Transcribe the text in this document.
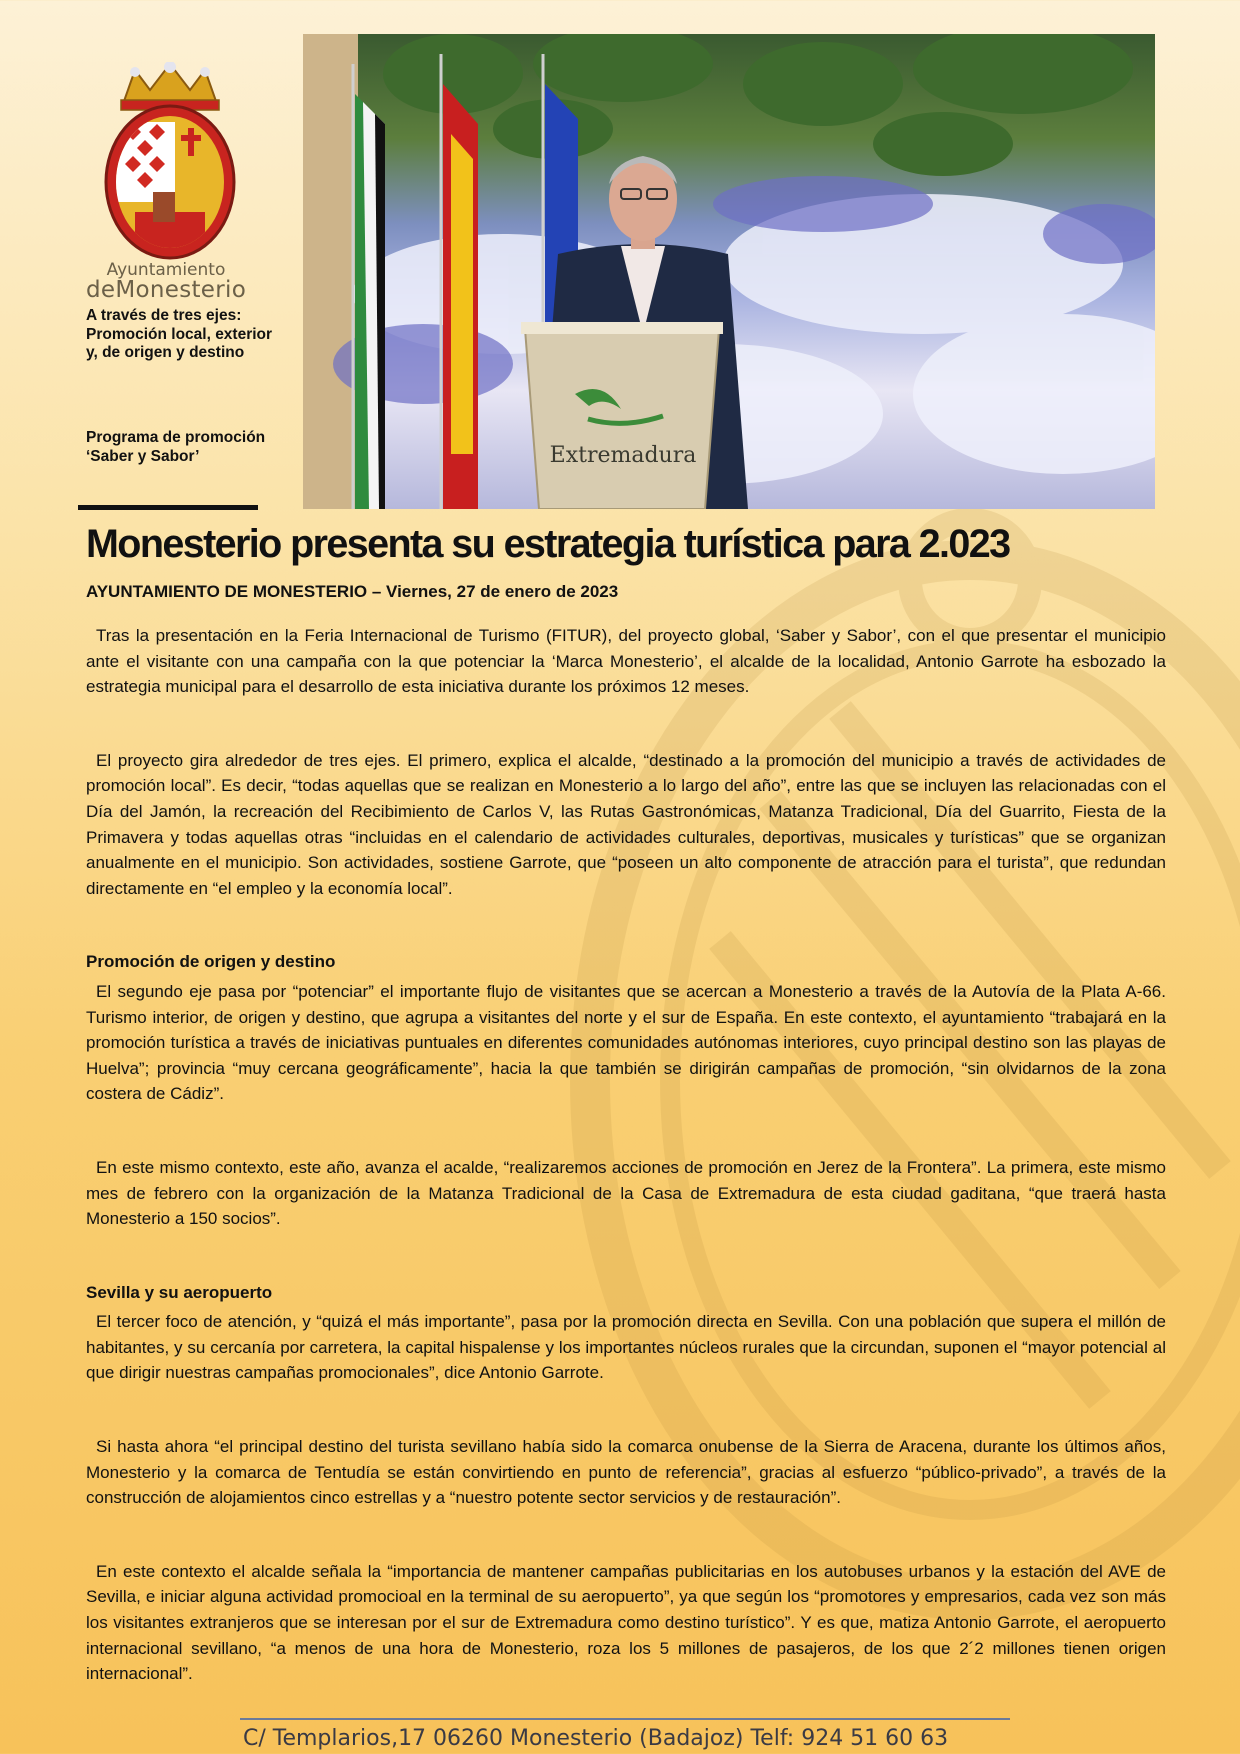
Ayuntamiento
deMonesterio
A través de tres ejes: Promoción local, exterior y, de origen y destino
Programa de promoción ‘Saber y Sabor’	Extremadura
Monesterio presenta su estrategia turística para 2.023
AYUNTAMIENTO DE MONESTERIO – Viernes, 27 de enero de 2023

Tras la presentación en la Feria Internacional de Turismo (FITUR), del proyecto global, ‘Saber y Sabor’, con el que presentar el municipio ante el visitante con una campaña con la que potenciar la ‘Marca Monesterio’, el alcalde de la localidad, Antonio Garrote ha esbozado la estrategia municipal para el desarrollo de esta iniciativa durante los próximos 12 meses.

El proyecto gira alrededor de tres ejes. El primero, explica el alcalde, “destinado a la promoción del municipio a través de actividades de promoción local”. Es decir, “todas aquellas que se realizan en Monesterio a lo largo del año”, entre las que se incluyen las relacionadas con el Día del Jamón, la recreación del Recibimiento de Carlos V, las Rutas Gastronómicas, Matanza Tradicional, Día del Guarrito, Fiesta de la Primavera y todas aquellas otras “incluidas en el calendario de actividades culturales, deportivas, musicales y turísticas” que se organizan anualmente en el municipio. Son actividades, sostiene Garrote, que “poseen un alto componente de atracción para el turista”, que redundan directamente en “el empleo y la economía local”.

Promoción de origen y destino

El segundo eje pasa por “potenciar” el importante flujo de visitantes que se acercan a Monesterio a través de la Autovía de la Plata A-66. Turismo interior, de origen y destino, que agrupa a visitantes del norte y el sur de España. En este contexto, el ayuntamiento “trabajará en la promoción turística a través de iniciativas puntuales en diferentes comunidades autónomas interiores, cuyo principal destino son las playas de Huelva”; provincia “muy cercana geográficamente”, hacia la que también se dirigirán campañas de promoción, “sin olvidarnos de la zona costera de Cádiz”.

En este mismo contexto, este año, avanza el acalde, “realizaremos acciones de promoción en Jerez de la Frontera”. La primera, este mismo mes de febrero con la organización de la Matanza Tradicional de la Casa de Extremadura de esta ciudad gaditana, “que traerá hasta Monesterio a 150 socios”.

Sevilla y su aeropuerto

El tercer foco de atención, y “quizá el más importante”, pasa por la promoción directa en Sevilla. Con una población que supera el millón de habitantes, y su cercanía por carretera, la capital hispalense y los importantes núcleos rurales que la circundan, suponen el “mayor potencial al que dirigir nuestras campañas promocionales”, dice Antonio Garrote.

Si hasta ahora “el principal destino del turista sevillano había sido la comarca onubense de la Sierra de Aracena, durante los últimos años, Monesterio y la comarca de Tentudía se están convirtiendo en punto de referencia”, gracias al esfuerzo “público-privado”, a través de la construcción de alojamientos cinco estrellas y a “nuestro potente sector servicios y de restauración”.

En este contexto el alcalde señala la “importancia de mantener campañas publicitarias en los autobuses urbanos y la estación del AVE de Sevilla, e iniciar alguna actividad promocioal en la terminal de su aeropuerto”, ya que según los “promotores y empresarios, cada vez son más los visitantes extranjeros que se interesan por el sur de Extremadura como destino turístico”. Y es que, matiza Antonio Garrote, el aeropuerto internacional sevillano, “a menos de una hora de Monesterio, roza los 5 millones de pasajeros, de los que 2´2 millones tienen origen internacional”.

C/ Templarios,17 06260 Monesterio (Badajoz) Telf: 924 51 60 63
